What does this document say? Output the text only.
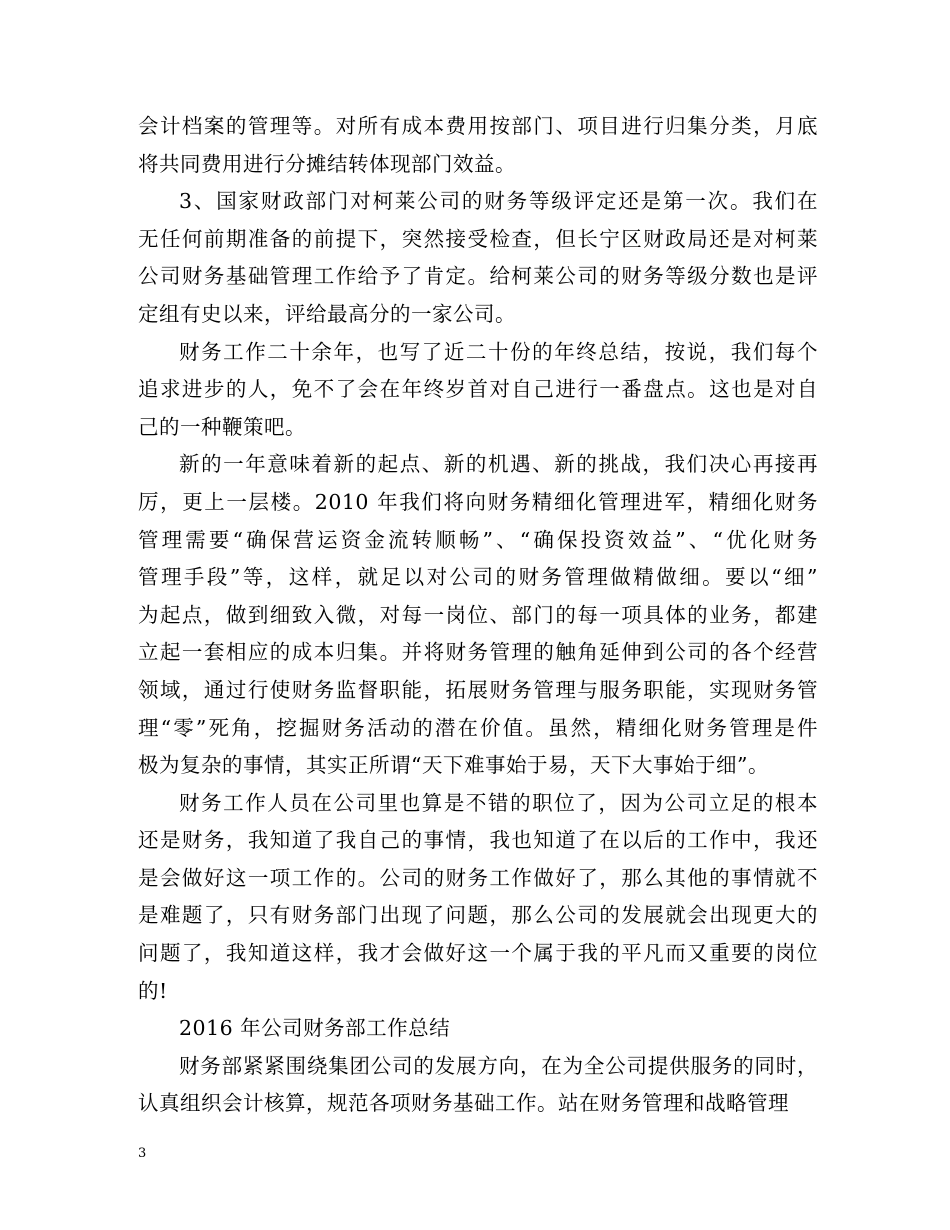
会计档案的管理等。对所有成本费用按部门、项目进行归集分类，月底
将共同费用进行分摊结转体现部门效益。
3、国家财政部门对柯莱公司的财务等级评定还是第一次。我们在
无任何前期准备的前提下，突然接受检查，但长宁区财政局还是对柯莱
公司财务基础管理工作给予了肯定。给柯莱公司的财务等级分数也是评
定组有史以来，评给最高分的一家公司。
财务工作二十余年，也写了近二十份的年终总结，按说，我们每个
追求进步的人，免不了会在年终岁首对自己进行一番盘点。这也是对自
己的一种鞭策吧。
新的一年意味着新的起点、新的机遇、新的挑战，我们决心再接再
厉，更上一层楼。2010 年我们将向财务精细化管理进军，精细化财务
管理需要“确保营运资金流转顺畅”、“确保投资效益”、“优化财务
管理手段”等，这样，就足以对公司的财务管理做精做细。要以“细”
为起点，做到细致入微，对每一岗位、部门的每一项具体的业务，都建
立起一套相应的成本归集。并将财务管理的触角延伸到公司的各个经营
领域，通过行使财务监督职能，拓展财务管理与服务职能，实现财务管
理“零”死角，挖掘财务活动的潜在价值。虽然，精细化财务管理是件
极为复杂的事情，其实正所谓“天下难事始于易，天下大事始于细”。
财务工作人员在公司里也算是不错的职位了，因为公司立足的根本
还是财务，我知道了我自己的事情，我也知道了在以后的工作中，我还
是会做好这一项工作的。公司的财务工作做好了，那么其他的事情就不
是难题了，只有财务部门出现了问题，那么公司的发展就会出现更大的
问题了，我知道这样，我才会做好这一个属于我的平凡而又重要的岗位
的!
2016 年公司财务部工作总结
财务部紧紧围绕集团公司的发展方向，在为全公司提供服务的同时，
认真组织会计核算，规范各项财务基础工作。站在财务管理和战略管理
3
